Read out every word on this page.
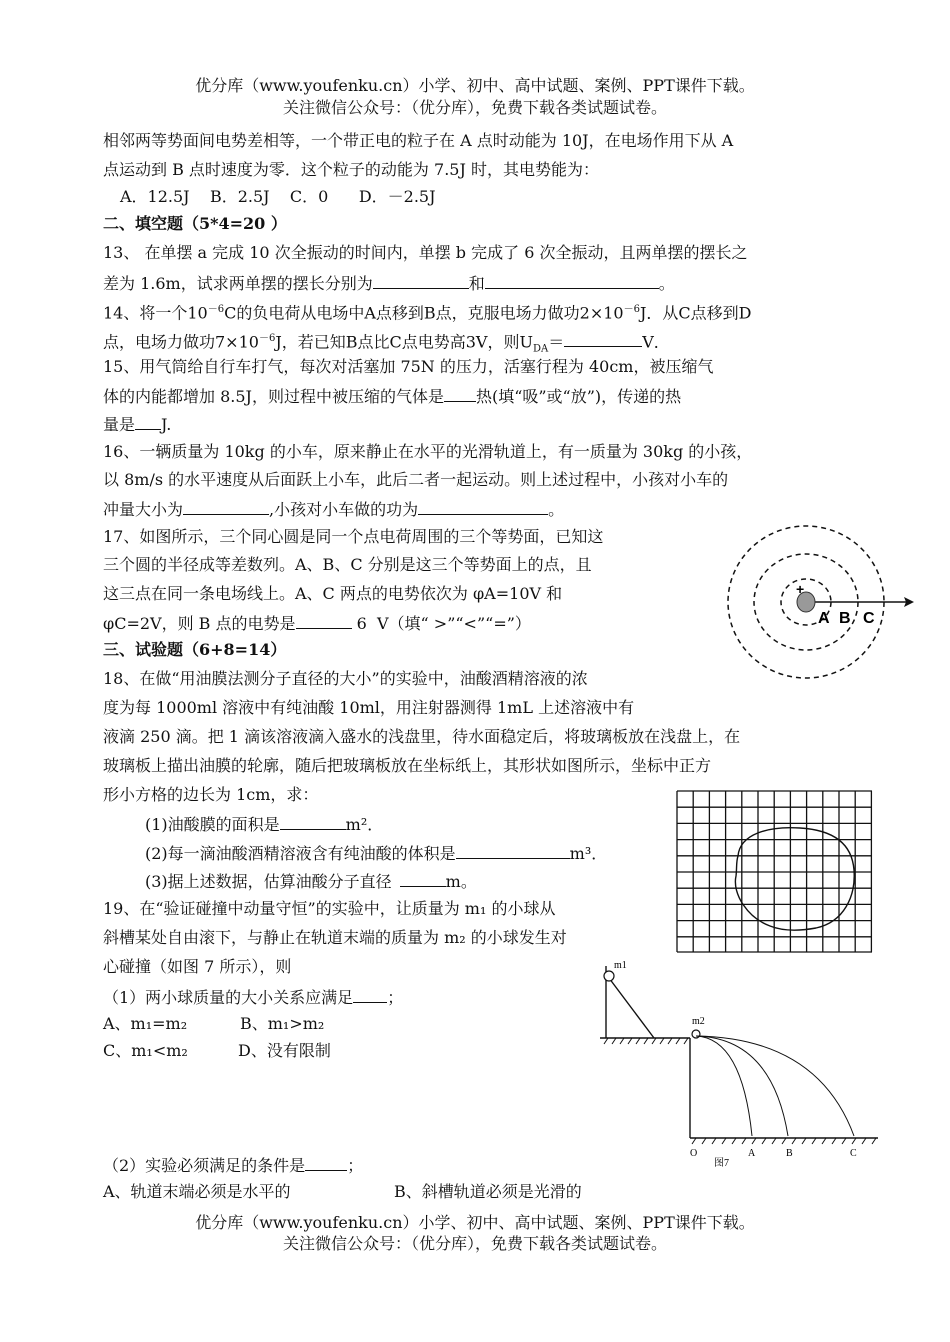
优分库（www.youfenku.cn）小学、初中、高中试题、案例、PPT课件下载。
关注微信公众号：（优分库），免费下载各类试题试卷。
相邻两等势面间电势差相等，一个带正电的粒子在 A 点时动能为 10J，在电场作用下从 A
点运动到 B 点时速度为零．这个粒子的动能为 7.5J 时，其电势能为：
A．12.5J    B．2.5J    C．0      D．－2.5J
二、填空题（5*4=20 ）
13、 在单摆 a 完成 10 次全振动的时间内，单摆 b 完成了 6 次全振动，且两单摆的摆长之
差为 1.6m，试求两单摆的摆长分别为	和	。
14、将一个$10^{-6}C$的负电荷从电场中A点移到B点，克服电场力做功$2\times 10^{-6}J$．从C点移到D
点，电场力做功$7\times 10^{-6}J$，若已知B点比C点电势高3V，则$U_{DA}=$	V．
15、用气筒给自行车打气，每次对活塞加 75N 的压力，活塞行程为 40cm，被压缩气
体的内能都增加 8.5J，则过程中被压缩的气体是 热(填“吸”或“放”)，传递的热
量是 J.
16、一辆质量为 10kg 的小车，原来静止在水平的光滑轨道上，有一质量为 30kg 的小孩，
以 8m/s 的水平速度从后面跃上小车，此后二者一起运动。则上述过程中，小孩对小车的
冲量大小为	,小孩对小车做的功为	。
17、如图所示，三个同心圆是同一个点电荷周围的三个等势面，已知这
三个圆的半径成等差数列。A、B、C 分别是这三个等势面上的点，且
这三点在同一条电场线上。A、C 两点的电势依次为 φA=10V 和
φC=2V，则 B 点的电势是	6  V（填“ >”“<”“=”）
+
A B C
三、试验题（6+8=14）
18、在做“用油膜法测分子直径的大小”的实验中，油酸酒精溶液的浓
度为每 1000ml 溶液中有纯油酸 10ml，用注射器测得 1mL 上述溶液中有
液滴 250 滴。把 1 滴该溶液滴入盛水的浅盘里，待水面稳定后，将玻璃板放在浅盘上，在
玻璃板上描出油膜的轮廓，随后把玻璃板放在坐标纸上，其形状如图所示，坐标中正方
形小方格的边长为 1cm，求：
(1)油酸膜的面积是	m²．
(2)每一滴油酸酒精溶液含有纯油酸的体积是	m³．
(3)据上述数据，估算油酸分子直径	m。
19、在“验证碰撞中动量守恒”的实验中，让质量为 m₁ 的小球从
斜槽某处自由滚下，与静止在轨道末端的质量为 m₂ 的小球发生对
心碰撞（如图 7 所示），则
（1）两小球质量的大小关系应满足 ；
A、m₁=m₂	B、m₁>m₂
C、m₁<m₂	D、没有限制
（2）实验必须满足的条件是	；
A、轨道末端必须是水平的	B、斜槽轨道必须是光滑的
m1
m2
O	A	B	C
图7
优分库（www.youfenku.cn）小学、初中、高中试题、案例、PPT课件下载。
关注微信公众号：（优分库），免费下载各类试题试卷。
